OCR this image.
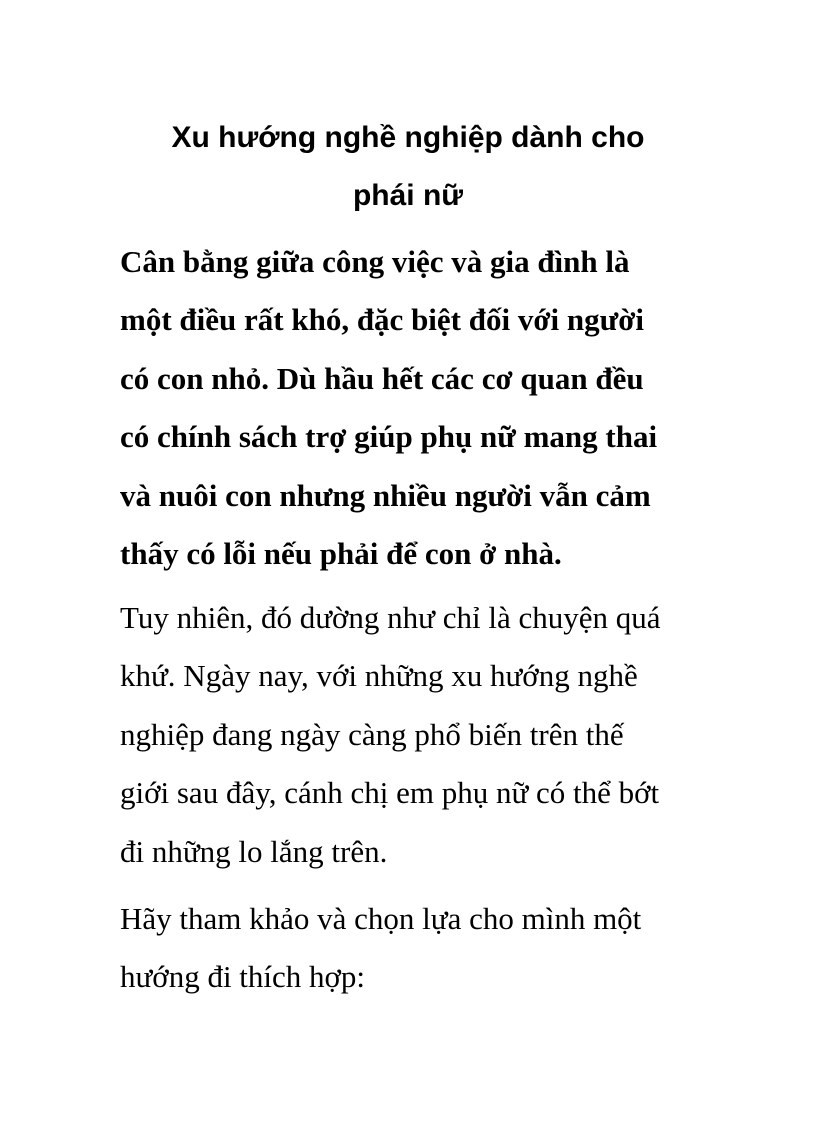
Xu hướng nghề nghiệp dành cho
phái nữ

Cân bằng giữa công việc và gia đình là
một điều rất khó, đặc biệt đối với người
có con nhỏ. Dù hầu hết các cơ quan đều
có chính sách trợ giúp phụ nữ mang thai
và nuôi con nhưng nhiều người vẫn cảm
thấy có lỗi nếu phải để con ở nhà.

Tuy nhiên, đó dường như chỉ là chuyện quá
khứ. Ngày nay, với những xu hướng nghề
nghiệp đang ngày càng phổ biến trên thế
giới sau đây, cánh chị em phụ nữ có thể bớt
đi những lo lắng trên.

Hãy tham khảo và chọn lựa cho mình một
hướng đi thích hợp:
